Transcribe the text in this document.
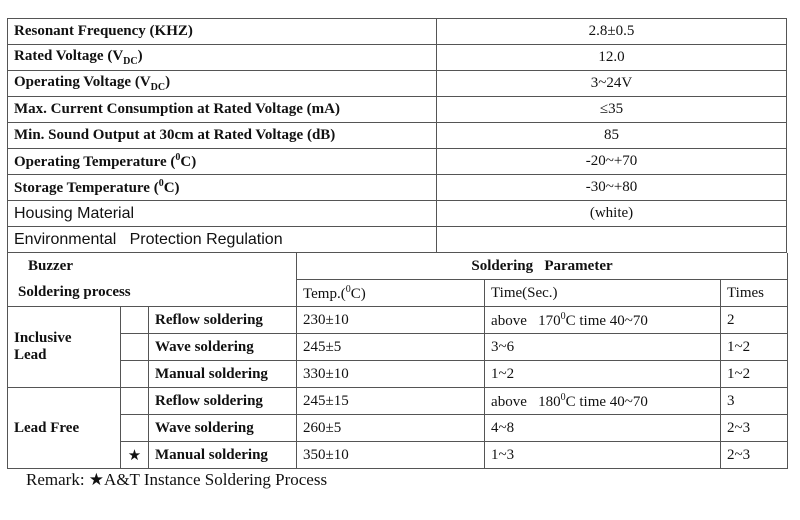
Resonant Frequency (KHZ)	2.8±0.5
Rated Voltage $(V_{DC})$	12.0
Operating Voltage $(V_{DC})$	3~24V
Max. Current Consumption at Rated Voltage (mA)	≤35
Min. Sound Output at 30cm at Rated Voltage (dB)	85
Operating Temperature ($^0$C)	-20~+70
Storage Temperature ($^0$C)	-30~+80
Housing Material	(white)
Environmental   Protection Regulation	
Buzzer			Soldering   Parameter		
Soldering process			Temp.($^0$C)	Time(Sec.)	Times
Inclusive
Lead		Reflow soldering	230±10	above   $170^0C$ time 40~70	2
		Wave soldering	245±5	3~6	1~2
		Manual soldering	330±10	1~2	1~2
Lead Free		Reflow soldering	245±15	above   $180^0C$ time 40~70	3
		Wave soldering	260±5	4~8	2~3
	★	Manual soldering	350±10	1~3	2~3
Remark: ★A&T Instance Soldering Process
